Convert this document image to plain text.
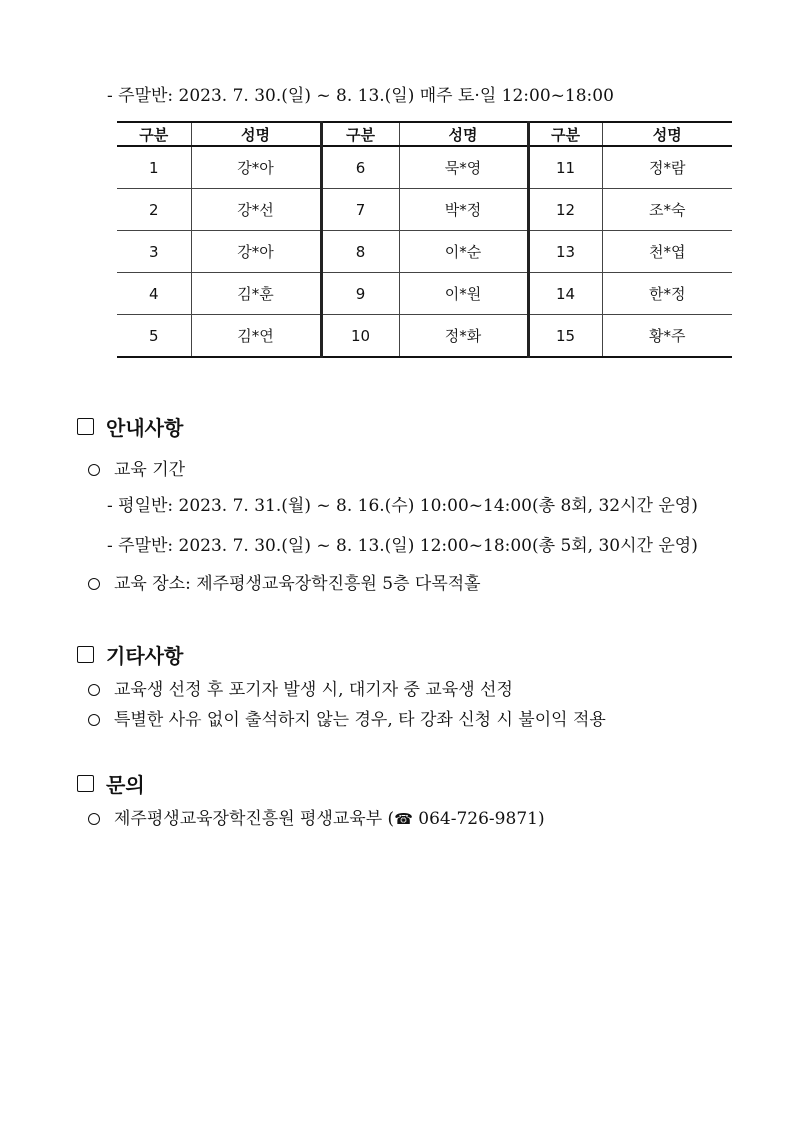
- 주말반: 2023. 7. 30.(일) ~ 8. 13.(일) 매주 토·일 12:00~18:00
구분	성명	구분	성명	구분	성명
1	강*아	6	묵*영	11	정*람
2	강*선	7	박*정	12	조*숙
3	강*아	8	이*순	13	천*엽
4	김*훈	9	이*원	14	한*정
5	김*연	10	정*화	15	황*주
안내사항
교육 기간
- 평일반: 2023. 7. 31.(월) ~ 8. 16.(수) 10:00~14:00(총 8회, 32시간 운영)
- 주말반: 2023. 7. 30.(일) ~ 8. 13.(일) 12:00~18:00(총 5회, 30시간 운영)
교육 장소: 제주평생교육장학진흥원 5층 다목적홀
기타사항
교육생 선정 후 포기자 발생 시, 대기자 중 교육생 선정
특별한 사유 없이 출석하지 않는 경우, 타 강좌 신청 시 불이익 적용
문의
제주평생교육장학진흥원 평생교육부 (☎ 064-726-9871)
